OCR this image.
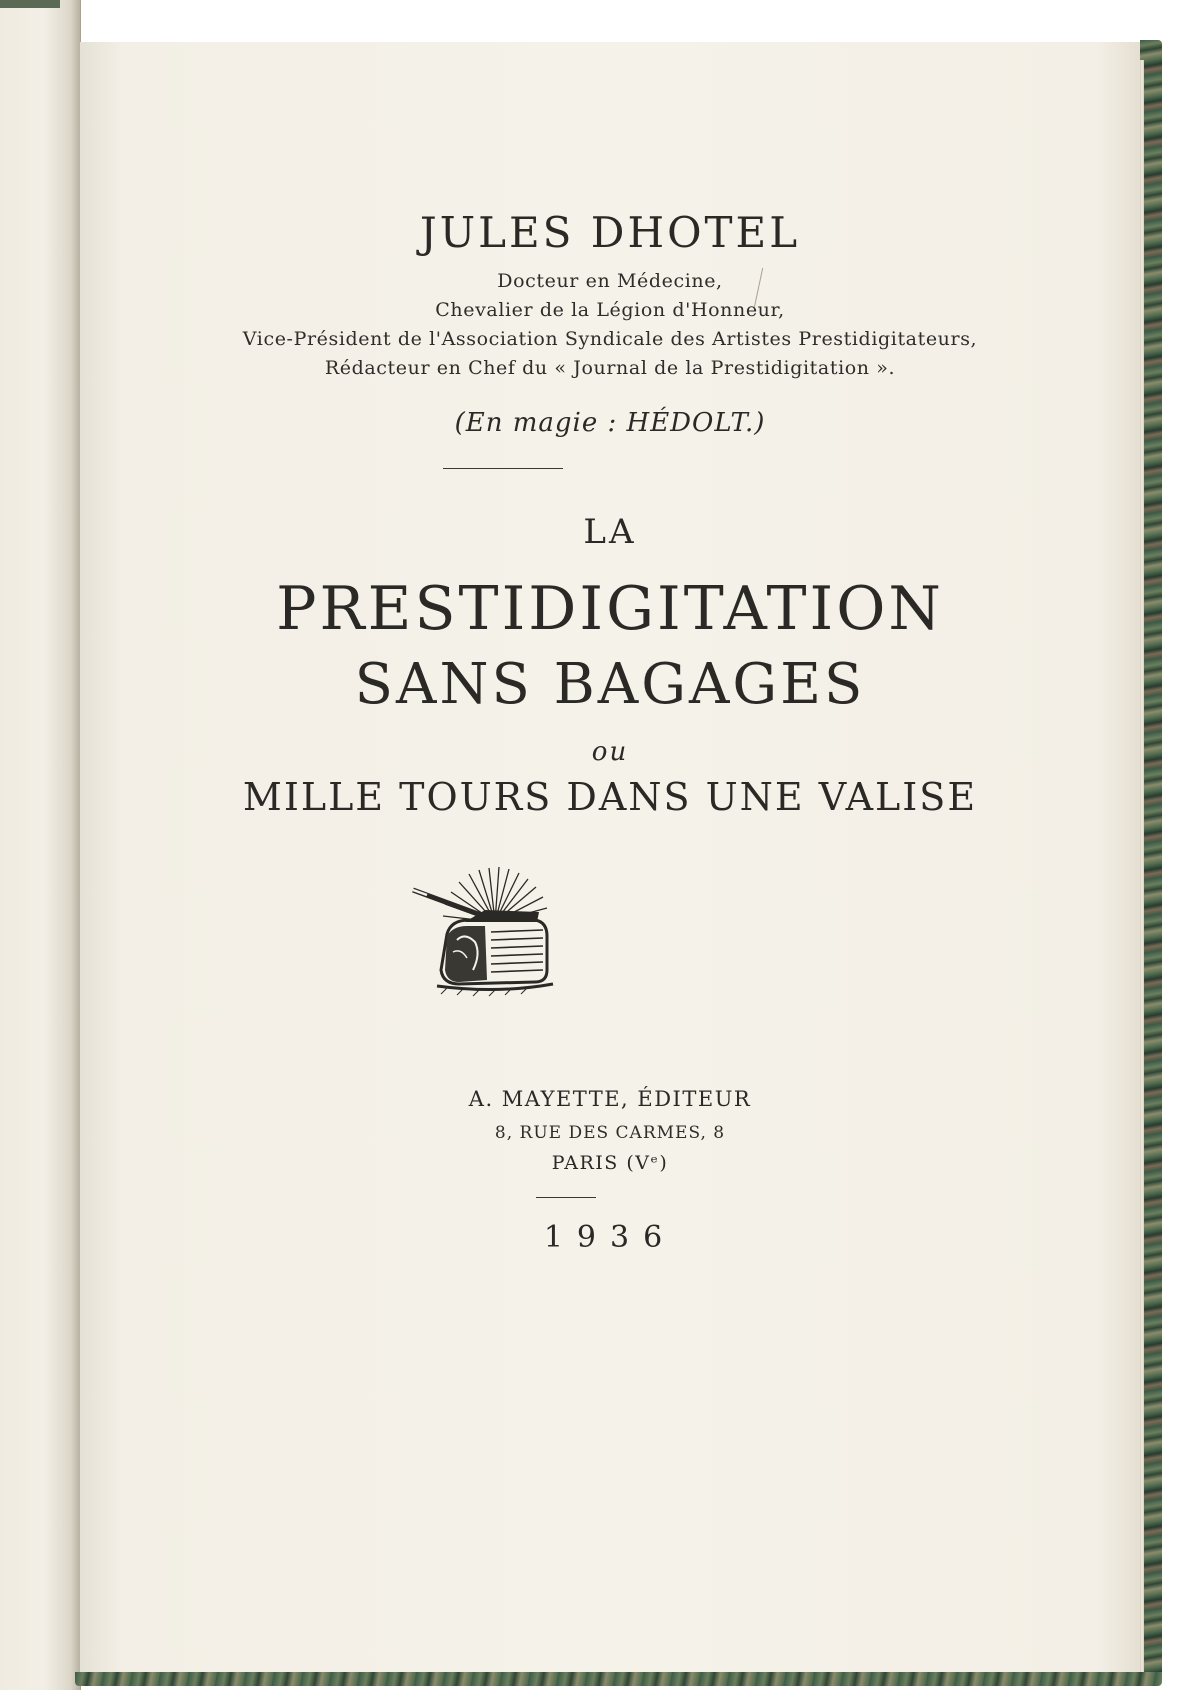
JULES DHOTEL
Docteur en Médecine,
Chevalier de la Légion d'Honneur,
Vice-Président de l'Association Syndicale des Artistes Prestidigitateurs,
Rédacteur en Chef du « Journal de la Prestidigitation ».
(En magie : HÉDOLT.)
LA
PRESTIDIGITATION
SANS BAGAGES
ou
MILLE TOURS DANS UNE VALISE
A. MAYETTE, ÉDITEUR
8, RUE DES CARMES, 8
PARIS (Vᵉ)
1936
